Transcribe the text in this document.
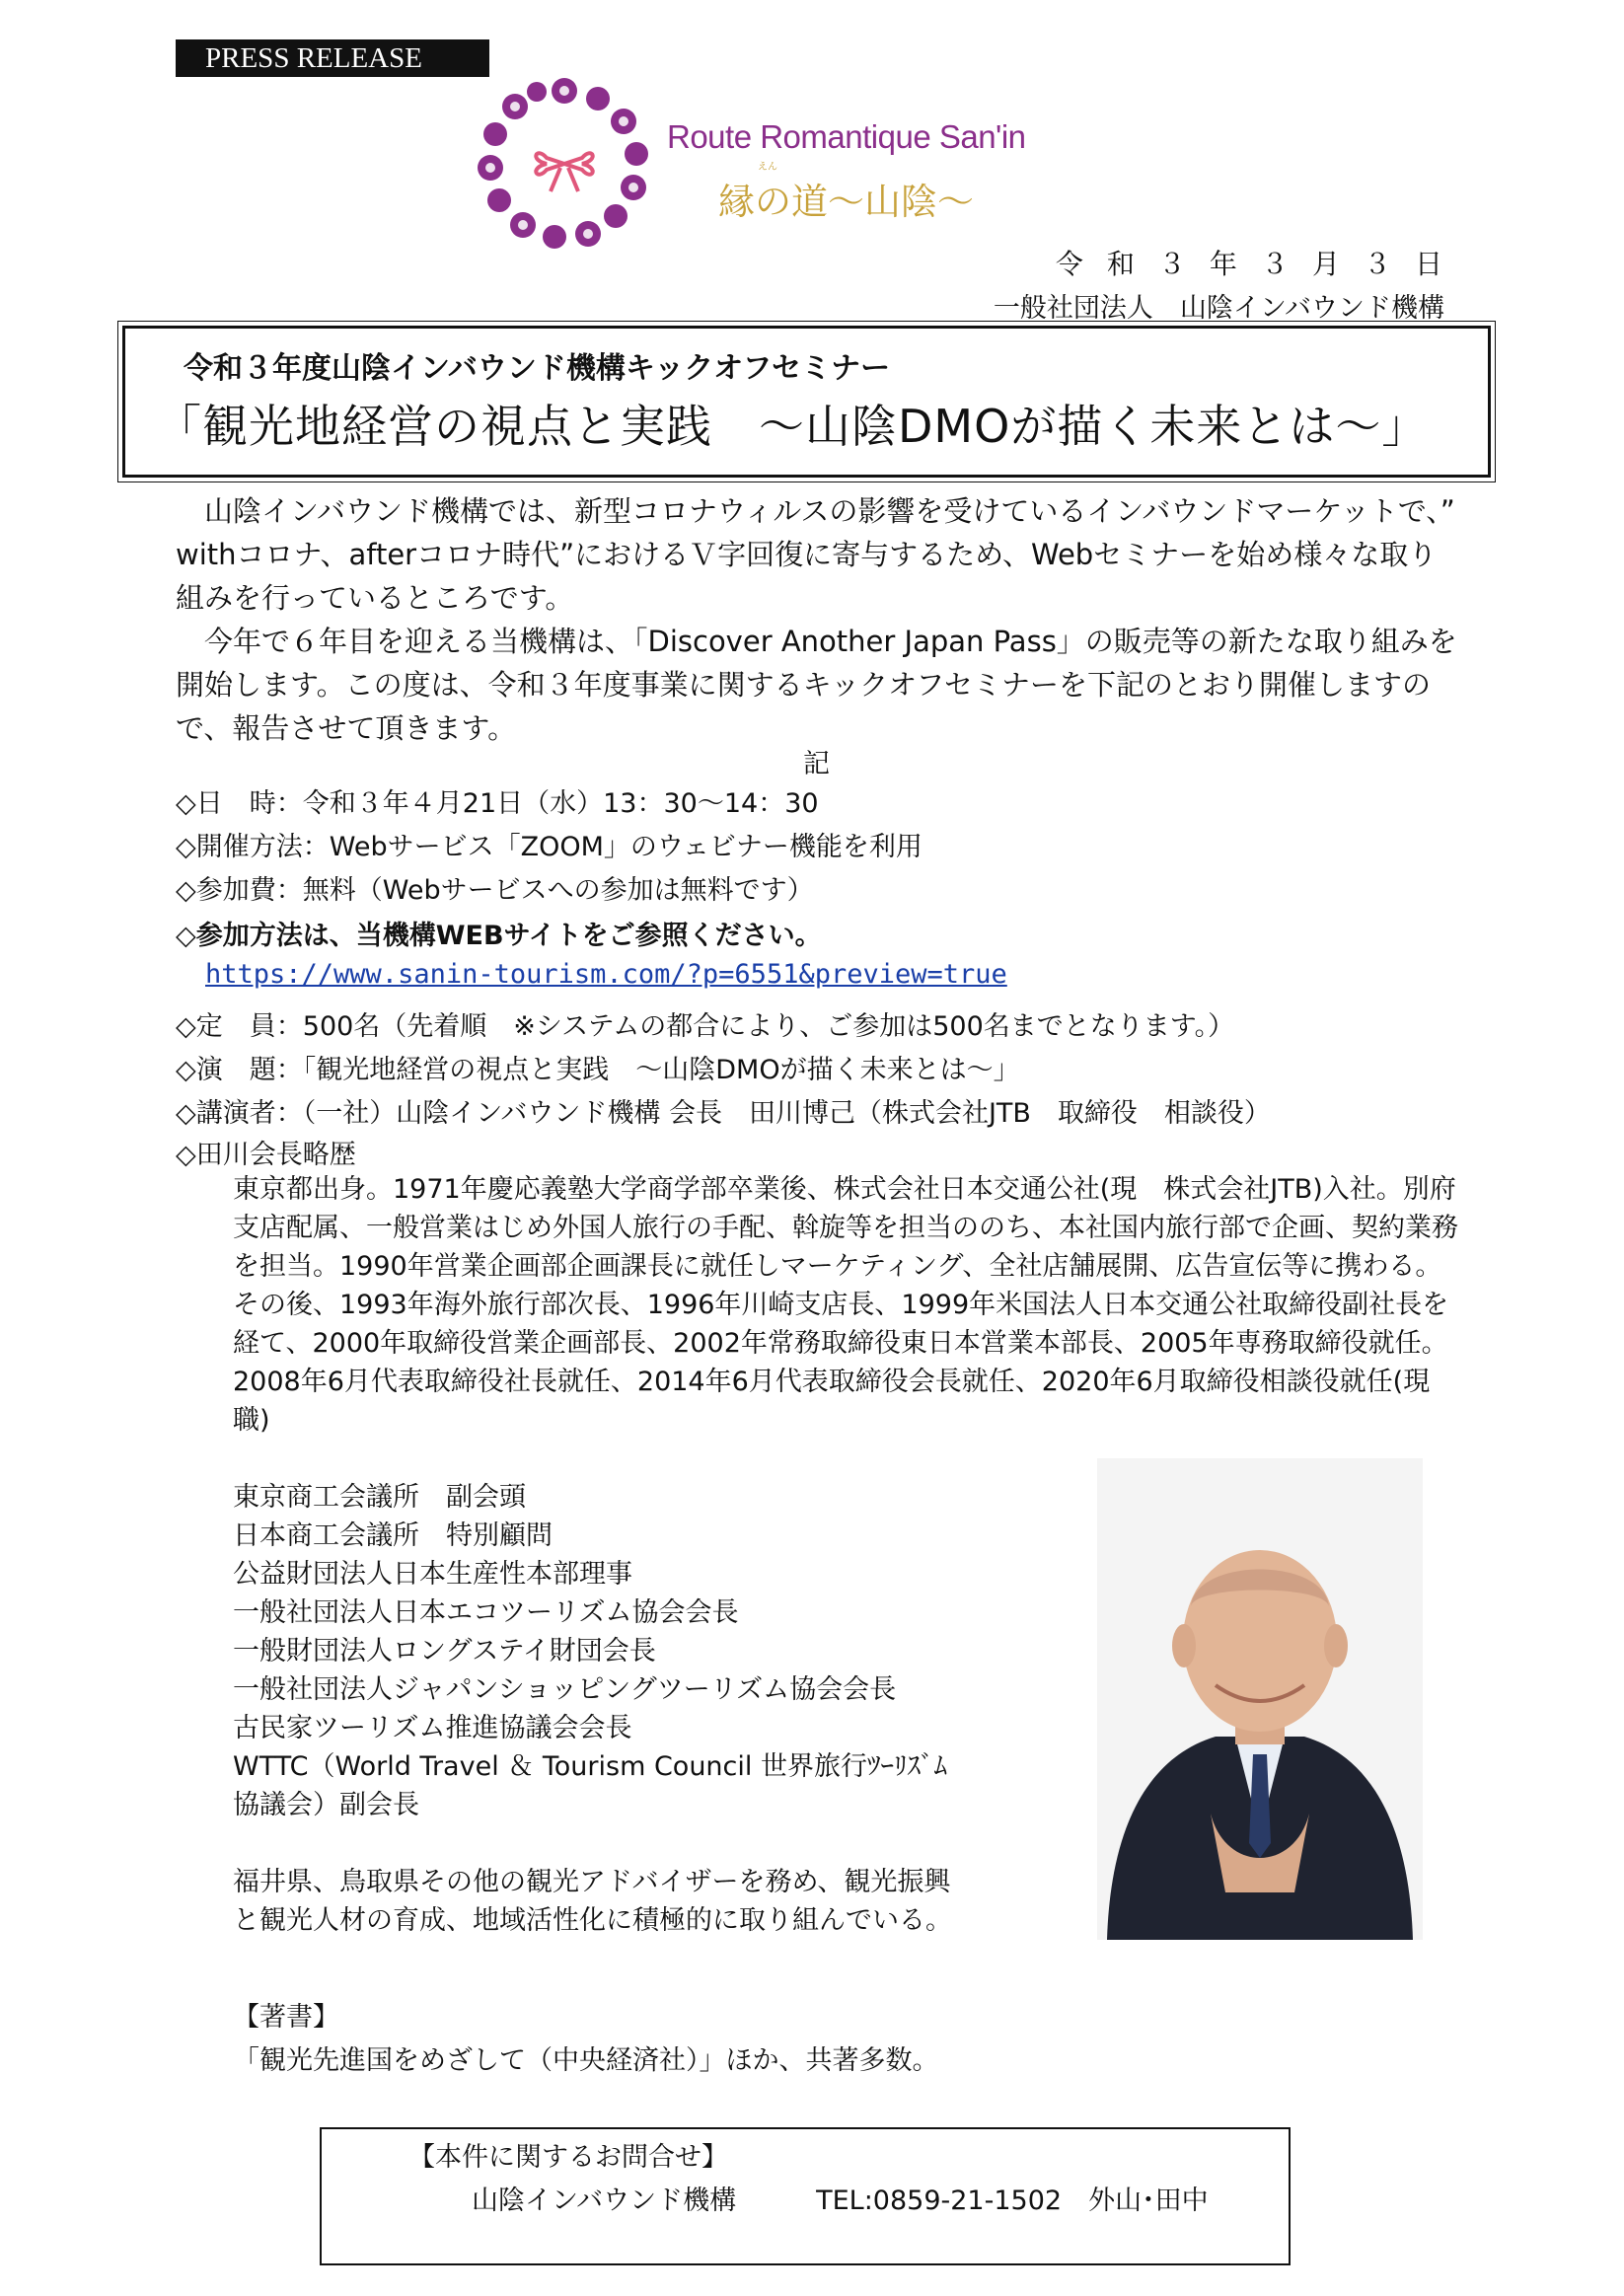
PRESS RELEASE
Route Romantique San'in
えん
縁の道〜山陰〜
令 和 ３ 年 ３ 月 ３ 日
一般社団法人　山陰インバウンド機構
令和３年度山陰インバウンド機構キックオフセミナー
「観光地経営の視点と実践　〜山陰DMOが描く未来とは〜」

　山陰インバウンド機構では、新型コロナウィルスの影響を受けているインバウンドマーケットで、” withコロナ、afterコロナ時代”におけるＶ字回復に寄与するため、Webセミナーを始め様々な取り組みを行っているところです。

　今年で６年目を迎える当機構は、「Discover Another Japan Pass」の販売等の新たな取り組みを開始します。この度は、令和３年度事業に関するキックオフセミナーを下記のとおり開催しますので、報告させて頂きます。

記
◇日　時：令和３年４月21日（水）13：30〜14：30
◇開催方法：Webサービス「ZOOM」のウェビナー機能を利用
◇参加費：無料（Webサービスへの参加は無料です）
◇参加方法は、当機構WEBサイトをご参照ください。
https://www.sanin-tourism.com/?p=6551&preview=true
◇定　員：500名（先着順　※システムの都合により、ご参加は500名までとなります。）
◇演　題：「観光地経営の視点と実践　〜山陰DMOが描く未来とは〜」
◇講演者：（一社）山陰インバウンド機構 会長　田川博己（株式会社JTB　取締役　相談役）
◇田川会長略歴
東京都出身。1971年慶応義塾大学商学部卒業後、株式会社日本交通公社(現　株式会社JTB)入社。別府支店配属、一般営業はじめ外国人旅行の手配、斡旋等を担当ののち、本社国内旅行部で企画、契約業務を担当。1990年営業企画部企画課長に就任しマーケティング、全社店舗展開、広告宣伝等に携わる。その後、1993年海外旅行部次長、1996年川崎支店長、1999年米国法人日本交通公社取締役副社長を経て、2000年取締役営業企画部長、2002年常務取締役東日本営業本部長、2005年専務取締役就任。2008年6月代表取締役社長就任、2014年6月代表取締役会長就任、2020年6月取締役相談役就任(現職)
東京商工会議所　副会頭
日本商工会議所　特別顧問
公益財団法人日本生産性本部理事
一般社団法人日本エコツーリズム協会会長
一般財団法人ロングステイ財団会長
一般社団法人ジャパンショッピングツーリズム協会会長
古民家ツーリズム推進協議会会長
WTTC（World Travel ＆ Tourism Council 世界旅行ﾂｰﾘｽﾞﾑ
協議会）副会長
福井県、鳥取県その他の観光アドバイザーを務め、観光振興
と観光人材の育成、地域活性化に積極的に取り組んでいる。
【著書】
「観光先進国をめざして（中央経済社）」ほか、共著多数。
【本件に関するお問合せ】
山陰インバウンド機構　　　TEL:0859-21-1502　外山･田中
